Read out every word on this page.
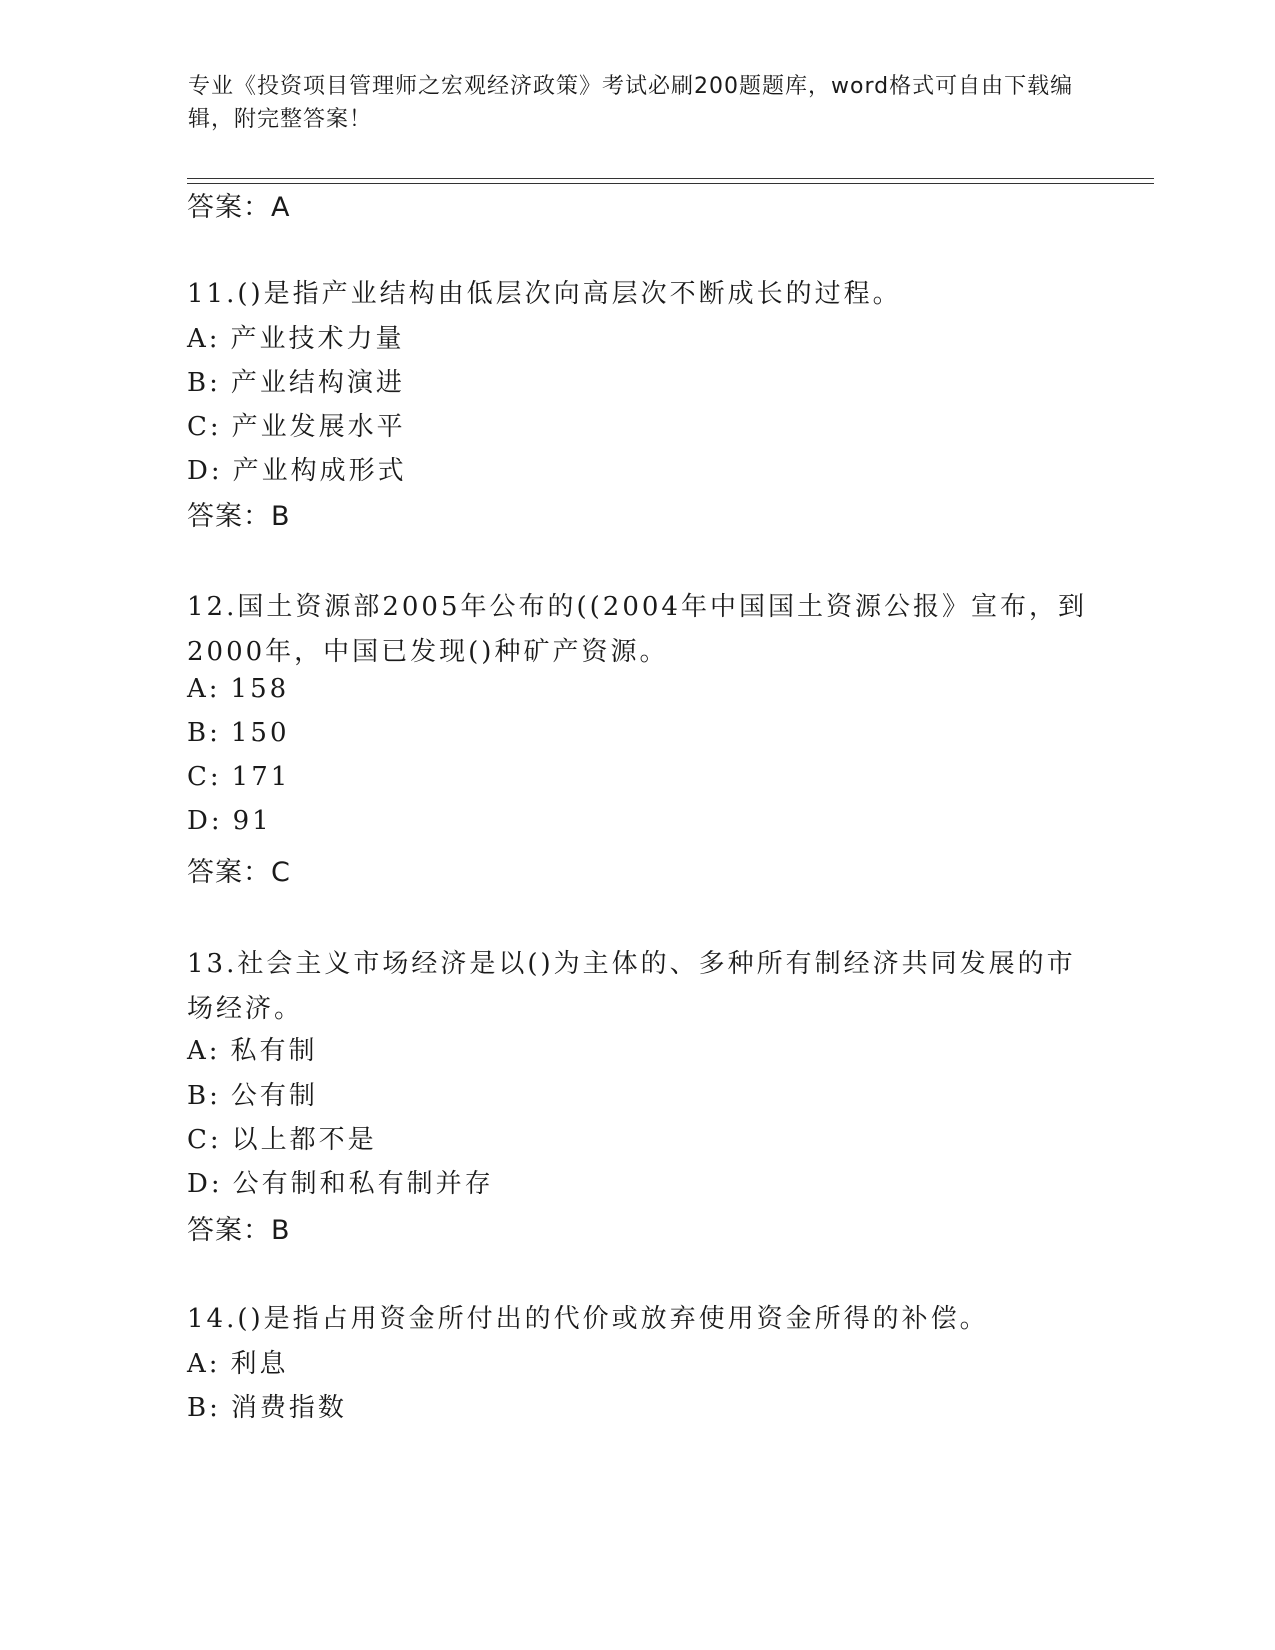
专业《投资项目管理师之宏观经济政策》考试必刷200题题库，word格式可自由下载编辑，附完整答案！
答案：A
11.()是指产业结构由低层次向高层次不断成长的过程。
A: 产业技术力量
B: 产业结构演进
C: 产业发展水平
D: 产业构成形式
答案：B
12.国土资源部2005年公布的((2004年中国国土资源公报》宣布，到2000年，中国已发现()种矿产资源。
A: 158
B: 150
C: 171
D: 91
答案：C
13.社会主义市场经济是以()为主体的、多种所有制经济共同发展的市场经济。
A: 私有制
B: 公有制
C: 以上都不是
D: 公有制和私有制并存
答案：B
14.()是指占用资金所付出的代价或放弃使用资金所得的补偿。
A: 利息
B: 消费指数
